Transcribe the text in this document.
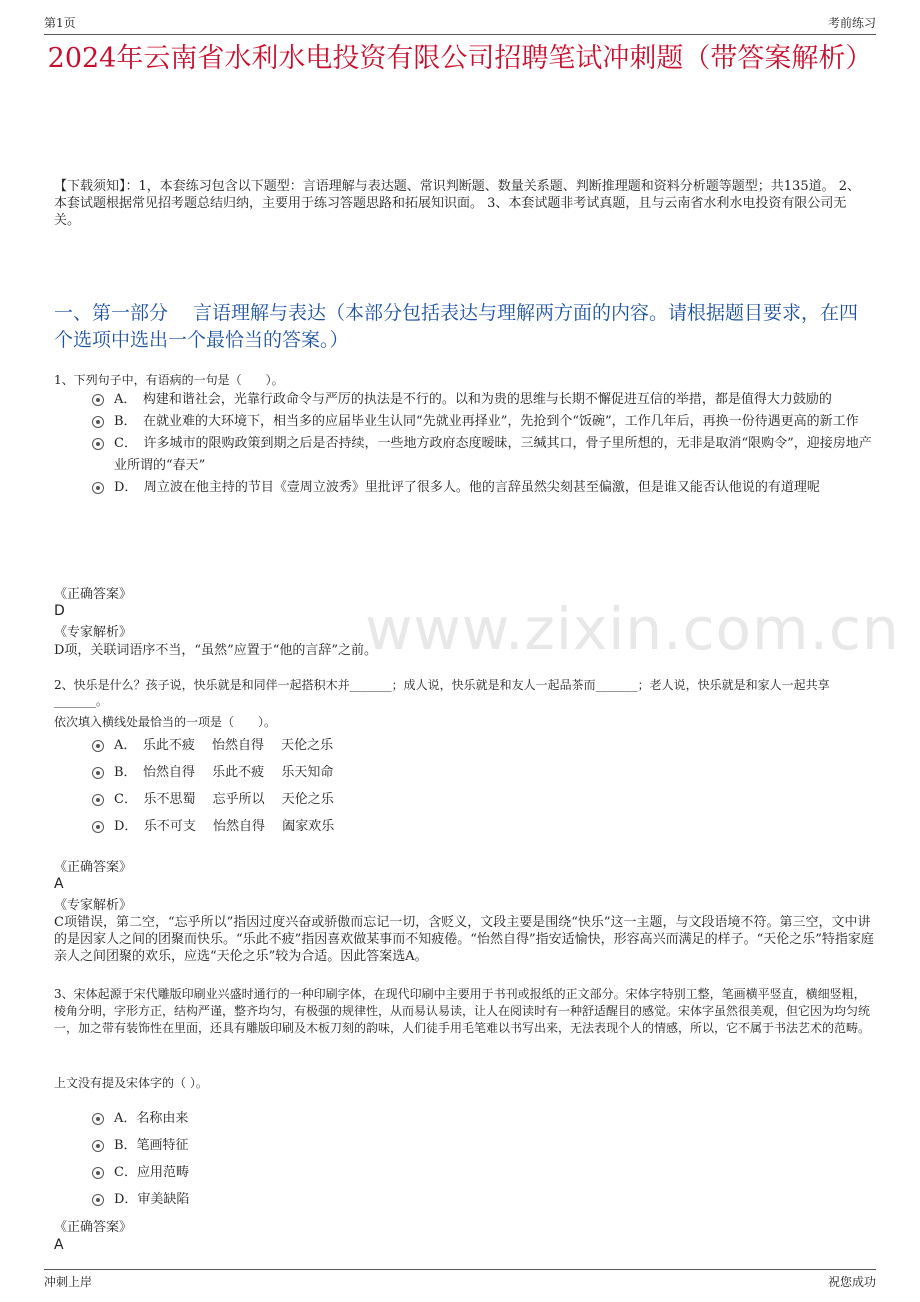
第1页	考前练习
2024年云南省水利水电投资有限公司招聘笔试冲刺题（带答案解析）
【下载须知】：1，本套练习包含以下题型：言语理解与表达题、常识判断题、数量关系题、判断推理题和资料分析题等题型；共135道。 2、本套试题根据常见招考题总结归纳，主要用于练习答题思路和拓展知识面。 3、本套试题非考试真题，且与云南省水利水电投资有限公司无关。
一、第一部分　 言语理解与表达（本部分包括表达与理解两方面的内容。请根据题目要求，在四个选项中选出一个最恰当的答案。）
www.zixin.com.cn
1、下列句子中，有语病的一句是（　　）。
A．　构建和谐社会，光靠行政命令与严厉的执法是不行的。以和为贵的思维与长期不懈促进互信的举措，都是值得大力鼓励的
B．　在就业难的大环境下，相当多的应届毕业生认同“先就业再择业”，先抢到个“饭碗”，工作几年后，再换一份待遇更高的新工作
C．　许多城市的限购政策到期之后是否持续，一些地方政府态度暧昧，三缄其口，骨子里所想的，无非是取消“限购令”，迎接房地产业所谓的“春天”
D．　周立波在他主持的节目《壹周立波秀》里批评了很多人。他的言辞虽然尖刻甚至偏激，但是谁又能否认他说的有道理呢
《正确答案》
D
《专家解析》
D项，关联词语序不当，“虽然”应置于“他的言辞”之前。
2、快乐是什么？孩子说，快乐就是和同伴一起搭积木并_______；成人说，快乐就是和友人一起品茶而_______；老人说，快乐就是和家人一起共享_______。
依次填入横线处最恰当的一项是（　　）。
A．　乐此不疲　 怡然自得　 天伦之乐
B．　怡然自得　 乐此不疲　 乐天知命
C．　乐不思蜀　 忘乎所以　 天伦之乐
D．　乐不可支　 怡然自得　 阖家欢乐
《正确答案》
A
《专家解析》
C项错误，第二空，“忘乎所以”指因过度兴奋或骄傲而忘记一切，含贬义，文段主要是围绕“快乐”这一主题，与文段语境不符。第三空，文中讲的是因家人之间的团聚而快乐。“乐此不疲”指因喜欢做某事而不知疲倦。“怡然自得”指安适愉快，形容高兴而满足的样子。“天伦之乐”特指家庭亲人之间团聚的欢乐，应选“天伦之乐”较为合适。因此答案选A。
3、宋体起源于宋代雕版印刷业兴盛时通行的一种印刷字体，在现代印刷中主要用于书刊或报纸的正文部分。宋体字特别工整，笔画横平竖直，横细竖粗，棱角分明，字形方正，结构严谨，整齐均匀，有极强的规律性，从而易认易读，让人在阅读时有一种舒适醒目的感觉。宋体字虽然很美观，但它因为均匀统一，加之带有装饰性在里面，还具有雕版印刷及木板刀刻的韵味，人们徒手用毛笔难以书写出来，无法表现个人的情感，所以，它不属于书法艺术的范畴。
上文没有提及宋体字的（ ）。
A．名称由来
B．笔画特征
C．应用范畴
D．审美缺陷
《正确答案》
A
冲刺上岸	祝您成功
